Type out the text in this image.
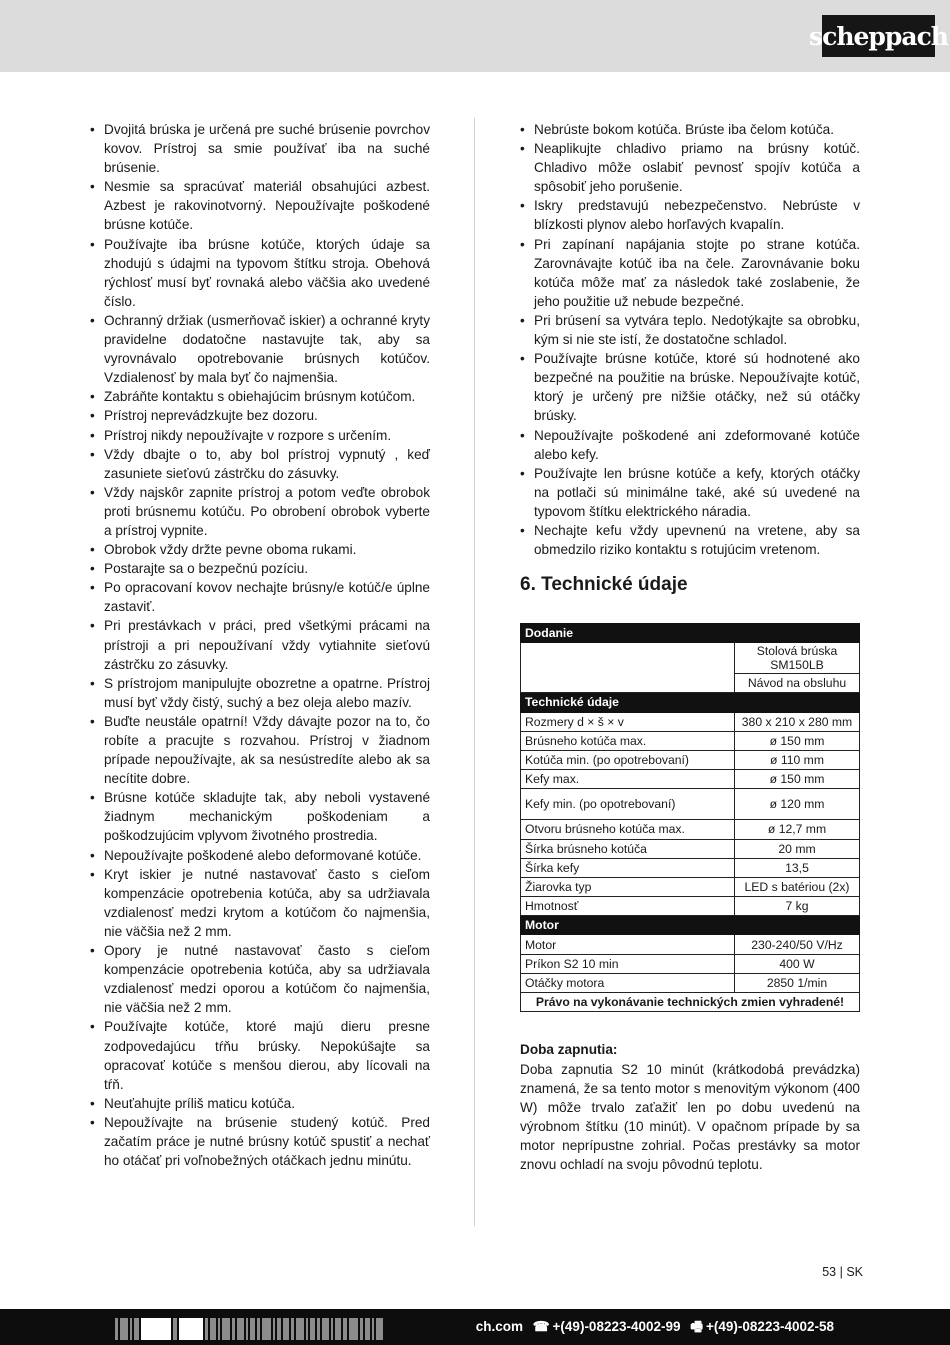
scheppach
• Dvojitá brúska je určená pre suché brúsenie povrchov kovov. Prístroj sa smie používať iba na suché brúsenie.
• Nesmie sa spracúvať materiál obsahujúci azbest. Azbest je rakovinotvorný. Nepoužívajte poškodené brúsne kotúče.
• Používajte iba brúsne kotúče, ktorých údaje sa zhodujú s údajmi na typovom štítku stroja. Obehová rýchlosť musí byť rovnaká alebo väčšia ako uvedené číslo.
• Ochranný držiak (usmerňovač iskier) a ochranné kryty pravidelne dodatočne nastavujte tak, aby sa vyrovnávalo opotrebovanie brúsnych kotúčov. Vzdialenosť by mala byť čo najmenšia.
• Zabráňte kontaktu s obiehajúcim brúsnym kotúčom.
• Prístroj neprevádzkujte bez dozoru.
• Prístroj nikdy nepoužívajte v rozpore s určením.
• Vždy dbajte o to, aby bol prístroj vypnutý , keď zasuniete sieťovú zástrčku do zásuvky.
• Vždy najskôr zapnite prístroj a potom veďte obrobok proti brúsnemu kotúču. Po obrobení obrobok vyberte a prístroj vypnite.
• Obrobok vždy držte pevne oboma rukami.
• Postarajte sa o bezpečnú pozíciu.
• Po opracovaní kovov nechajte brúsny/e kotúč/e úplne zastaviť.
• Pri prestávkach v práci, pred všetkými prácami na prístroji a pri nepoužívaní vždy vytiahnite sieťovú zástrčku zo zásuvky.
• S prístrojom manipulujte obozretne a opatrne. Prístroj musí byť vždy čistý, suchý a bez oleja alebo mazív.
• Buďte neustále opatrní! Vždy dávajte pozor na to, čo robíte a pracujte s rozvahou. Prístroj v žiadnom prípade nepoužívajte, ak sa nesústredíte alebo ak sa necítite dobre.
• Brúsne kotúče skladujte tak, aby neboli vystavené žiadnym mechanickým poškodeniam a poškodzujúcim vplyvom životného prostredia.
• Nepoužívajte poškodené alebo deformované kotúče.
• Kryt iskier je nutné nastavovať často s cieľom kompenzácie opotrebenia kotúča, aby sa udržiavala vzdialenosť medzi krytom a kotúčom čo najmenšia, nie väčšia než 2 mm.
• Opory je nutné nastavovať často s cieľom kompenzácie opotrebenia kotúča, aby sa udržiavala vzdialenosť medzi oporou a kotúčom čo najmenšia, nie väčšia než 2 mm.
• Používajte kotúče, ktoré majú dieru presne zodpovedajúcu tŕňu brúsky. Nepokúšajte sa opracovať kotúče s menšou dierou, aby lícovali na tŕň.
• Neuťahujte príliš maticu kotúča.
• Nepoužívajte na brúsenie studený kotúč. Pred začatím práce je nutné brúsny kotúč spustiť a nechať ho otáčať pri voľnobežných otáčkach jednu minútu.
• Nebrúste bokom kotúča. Brúste iba čelom kotúča.
• Neaplikujte chladivo priamo na brúsny kotúč. Chladivo môže oslabiť pevnosť spojív kotúča a spôsobiť jeho porušenie.
• Iskry predstavujú nebezpečenstvo. Nebrúste v blízkosti plynov alebo horľavých kvapalín.
• Pri zapínaní napájania stojte po strane kotúča. Zarovnávajte kotúč iba na čele. Zarovnávanie boku kotúča môže mať za následok také zoslabenie, že jeho použitie už nebude bezpečné.
• Pri brúsení sa vytvára teplo. Nedotýkajte sa obrobku, kým si nie ste istí, že dostatočne schladol.
• Používajte brúsne kotúče, ktoré sú hodnotené ako bezpečné na použitie na brúske. Nepoužívajte kotúč, ktorý je určený pre nižšie otáčky, než sú otáčky brúsky.
• Nepoužívajte poškodené ani zdeformované kotúče alebo kefy.
• Používajte len brúsne kotúče a kefy, ktorých otáčky na potlači sú minimálne také, aké sú uvedené na typovom štítku elektrického náradia.
• Nechajte kefu vždy upevnenú na vretene, aby sa obmedzilo riziko kontaktu s rotujúcim vretenom.
6. Technické údaje
Dodanie	
	Stolová brúska SM150LB
	Návod na obsluhu
Technické údaje	
Rozmery d × š × v	380 x 210 x 280 mm
Brúsneho kotúča max.	ø 150 mm
Kotúča min. (po opotrebovaní)	ø 110 mm
Kefy max.	ø 150 mm
Kefy min. (po opotrebovaní)	ø 120 mm
Otvoru brúsneho kotúča max.	ø 12,7 mm
Šírka brúsneho kotúča	20 mm
Šírka kefy	13,5
Žiarovka typ	LED s batériou (2x)
Hmotnosť	7 kg
Motor	
Motor	230-240/50 V/Hz
Príkon S2 10 min	400 W
Otáčky motora	2850 1/min
Právo na vykonávanie technických zmien vyhradené!	
Doba zapnutia:

Doba zapnutia S2 10 minút (krátkodobá prevádzka) znamená, že sa tento motor s menovitým výkonom (400 W) môže trvalo zaťažiť len po dobu uvedenú na výrobnom štítku (10 minút). V opačnom prípade by sa motor neprípustne zohrial. Počas prestávky sa motor znovu ochladí na svoju pôvodnú teplotu.

53 | SK
ch.com ☎ +(49)-08223-4002-99 🖷 +(49)-08223-4002-58
